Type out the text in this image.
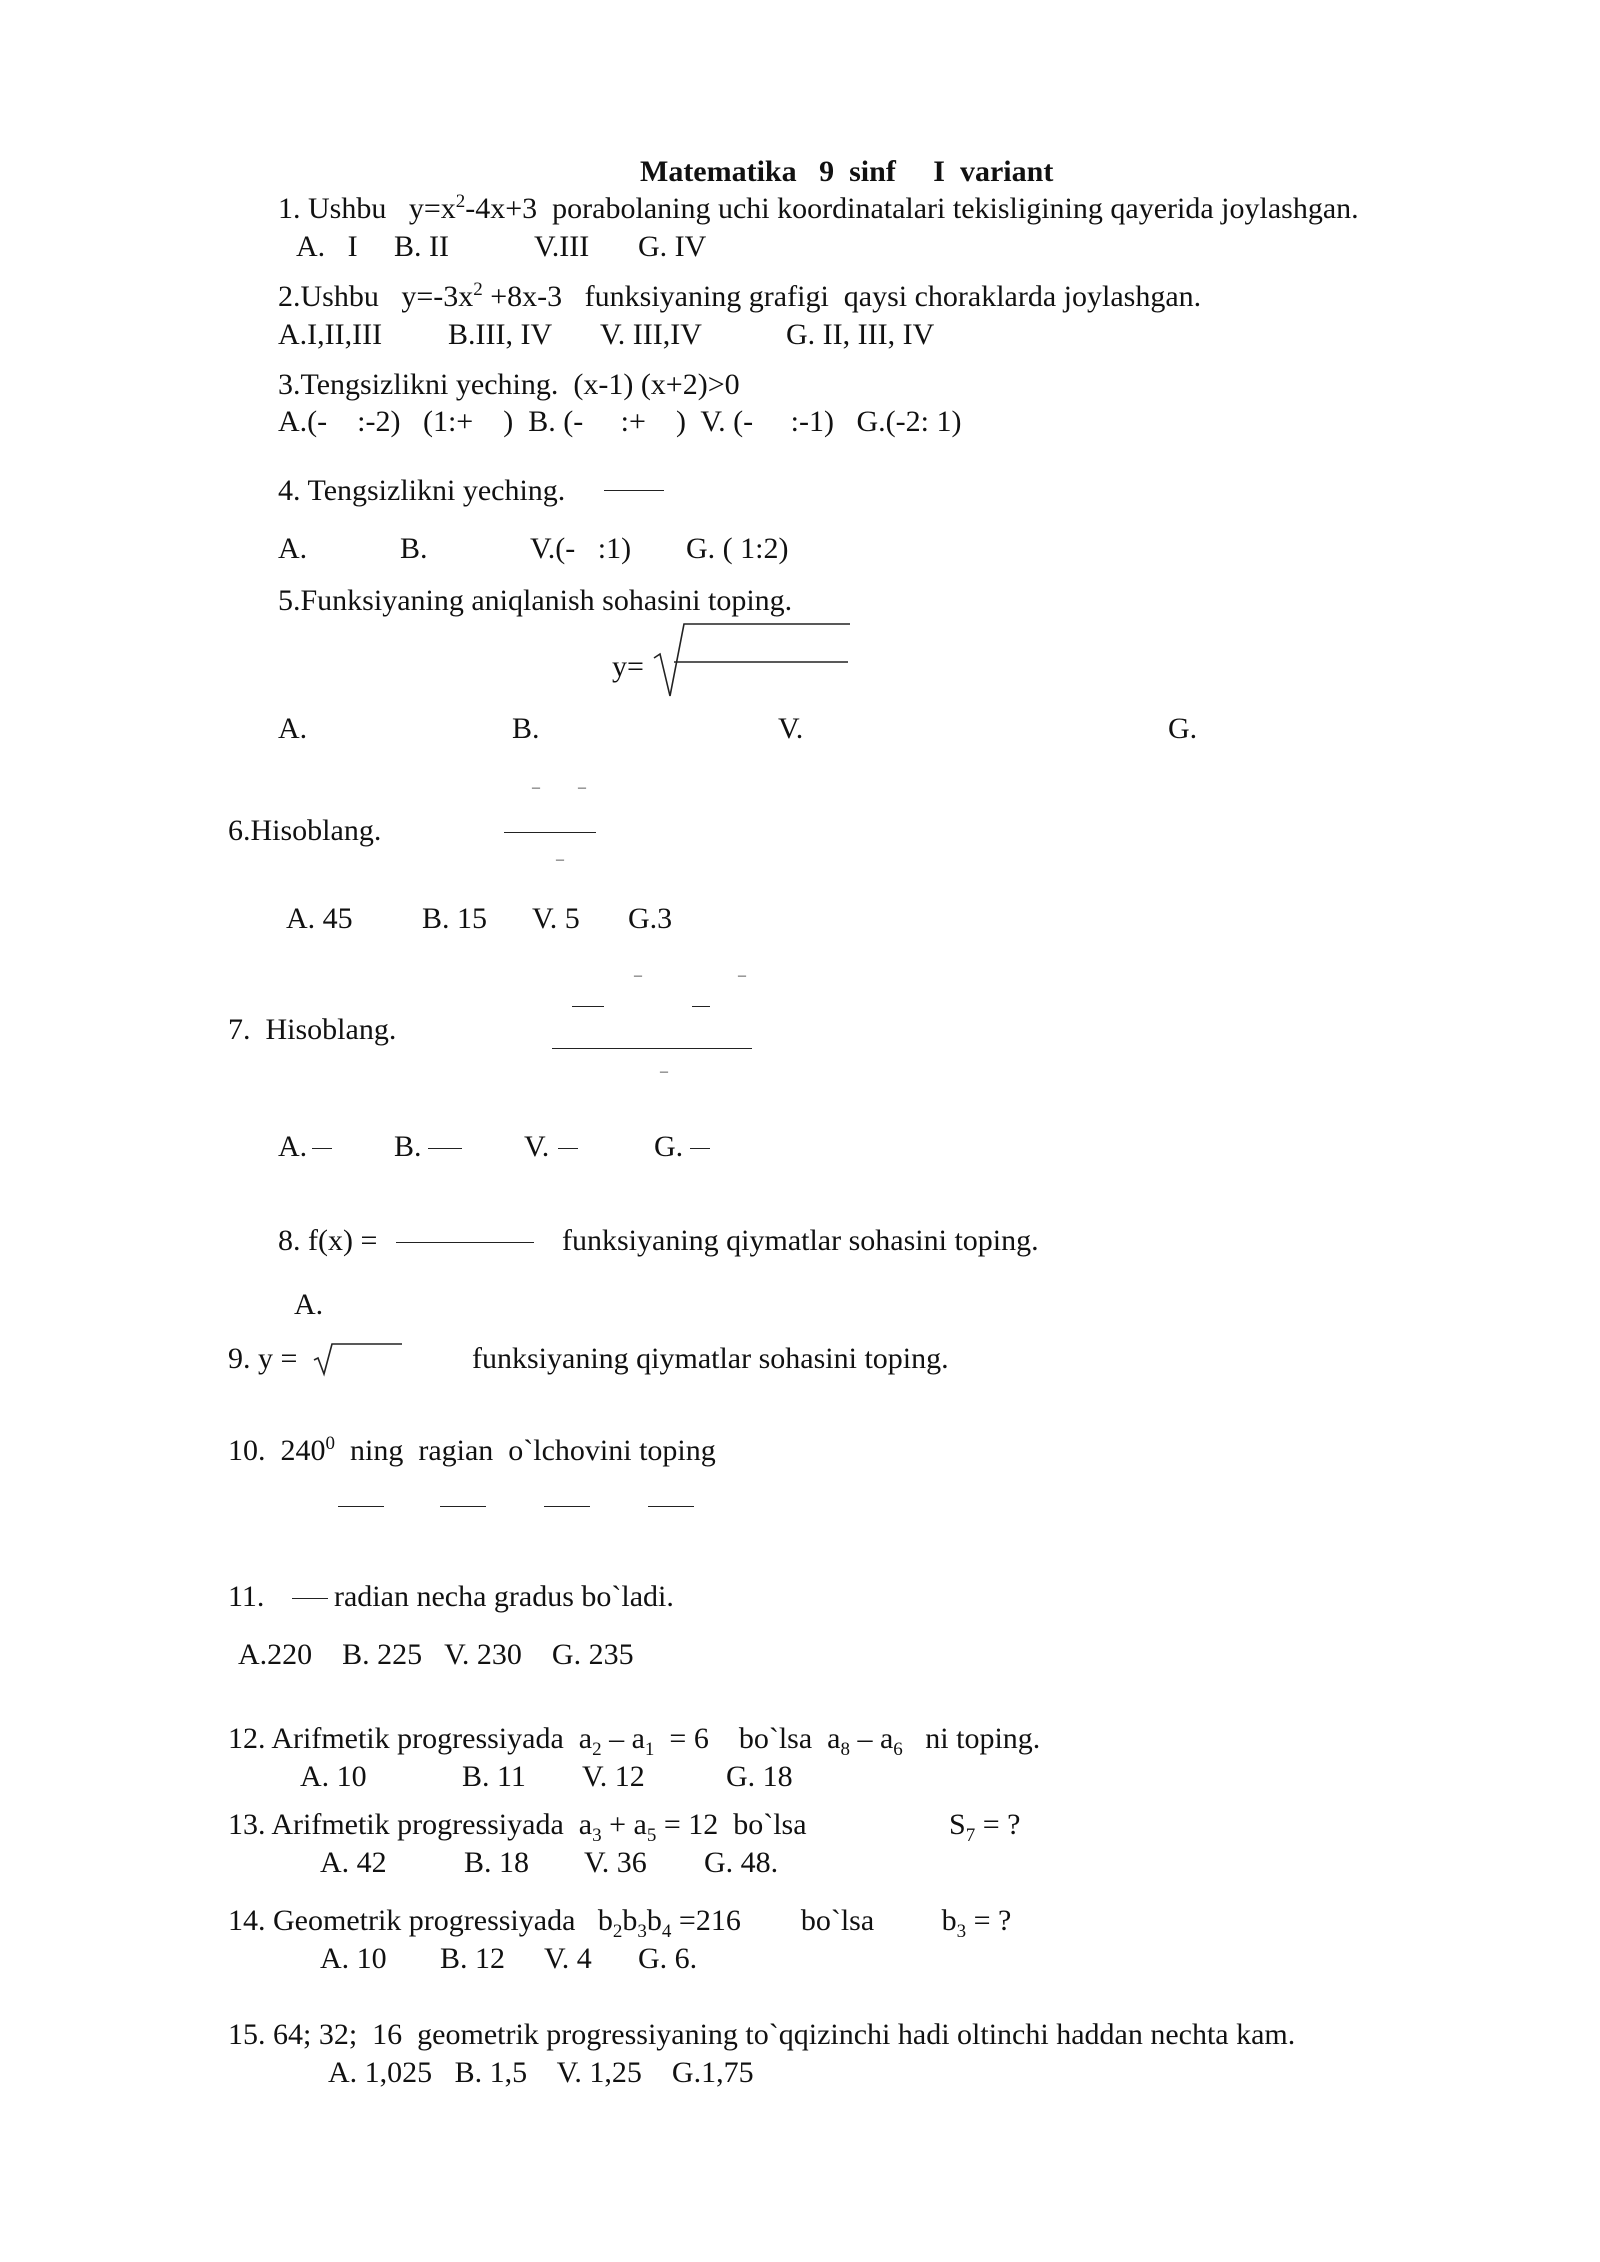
Matematika   9  sinf     I  variant
1. Ushbu   $y=x^2-4x+3$  porabolaning uchi koordinatalari tekisligining qayerida joylashgan.
A.   I B. II	V.III G. IV
2.Ushbu   $y=-3x^2 +8x-3$   funksiyaning grafigi  qaysi choraklarda joylashgan.
A.I,II,III B.III, IV V. III,IV	G. II, III, IV
3.Tengsizlikni yeching.  (x-1) (x+2)>0
A.(-    :-2)   (1:+    )  B. (-     :+    )  V. (-     :-1)   G.(-2: 1)
4. Tengsizlikni yeching.
A.	B.	V.(-   :1) G. ( 1:2)
5.Funksiyaning aniqlanish sohasini toping.
y=
A.	B.	V.	G.
– –
6.Hisoblang.
–
A. 45 B. 15 V. 5 G.3
–	–
7.  Hisoblang.
–
A.	B.	V.	G.
8. f(x) =	funksiyaning qiymatlar sohasini toping.
A.
9. y =	funksiyaning qiymatlar sohasini toping.
10.  $240^0$  ning  ragian  o`lchovini toping
11. radian necha gradus bo`ladi.
A.220    B. 225   V. 230    G. 235
12. Arifmetik progressiyada  $a_2 - a_1 = 6$    bo`lsa  $a_8 - a_6$   ni toping.
A. 10	B. 11 V. 12	G. 18
13. Arifmetik progressiyada  $a_3 + a_5 = 12$  bo`lsa                   $S_7$ = ?
A. 42	B. 18 V. 36 G. 48.
14. Geometrik progressiyada   $b_2b_3b_4 =216$        bo`lsa         $b_3$ = ?
A. 10 B. 12 V. 4 G. 6.
15. 64; 32;  16  geometrik progressiyaning to`qqizinchi hadi oltinchi haddan nechta kam.
A. 1,025   B. 1,5    V. 1,25    G.1,75
